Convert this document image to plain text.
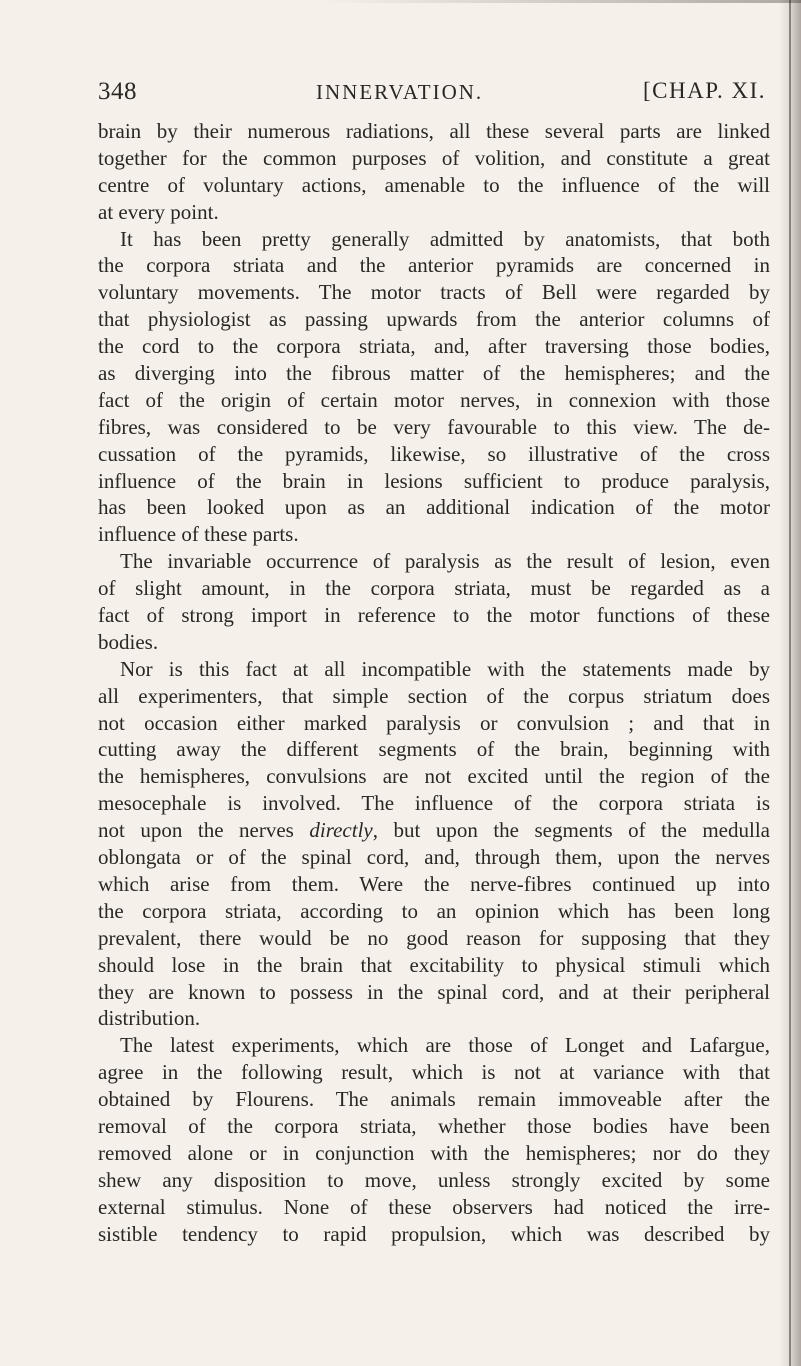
348	INNERVATION.	[CHAP. XI.
brain by their numerous radiations, all these several parts are linked
together for the common purposes of volition, and constitute a great
centre of voluntary actions, amenable to the influence of the will
at every point.
It has been pretty generally admitted by anatomists, that both
the corpora striata and the anterior pyramids are concerned in
voluntary movements. The motor tracts of Bell were regarded by
that physiologist as passing upwards from the anterior columns of
the cord to the corpora striata, and, after traversing those bodies,
as diverging into the fibrous matter of the hemispheres; and the
fact of the origin of certain motor nerves, in connexion with those
fibres, was considered to be very favourable to this view. The de-
cussation of the pyramids, likewise, so illustrative of the cross
influence of the brain in lesions sufficient to produce paralysis,
has been looked upon as an additional indication of the motor
influence of these parts.
The invariable occurrence of paralysis as the result of lesion, even
of slight amount, in the corpora striata, must be regarded as a
fact of strong import in reference to the motor functions of these
bodies.
Nor is this fact at all incompatible with the statements made by
all experimenters, that simple section of the corpus striatum does
not occasion either marked paralysis or convulsion ; and that in
cutting away the different segments of the brain, beginning with
the hemispheres, convulsions are not excited until the region of the
mesocephale is involved. The influence of the corpora striata is
not upon the nerves directly, but upon the segments of the medulla
oblongata or of the spinal cord, and, through them, upon the nerves
which arise from them. Were the nerve-fibres continued up into
the corpora striata, according to an opinion which has been long
prevalent, there would be no good reason for supposing that they
should lose in the brain that excitability to physical stimuli which
they are known to possess in the spinal cord, and at their peripheral
distribution.
The latest experiments, which are those of Longet and Lafargue,
agree in the following result, which is not at variance with that
obtained by Flourens. The animals remain immoveable after the
removal of the corpora striata, whether those bodies have been
removed alone or in conjunction with the hemispheres; nor do they
shew any disposition to move, unless strongly excited by some
external stimulus. None of these observers had noticed the irre-
sistible tendency to rapid propulsion, which was described by
